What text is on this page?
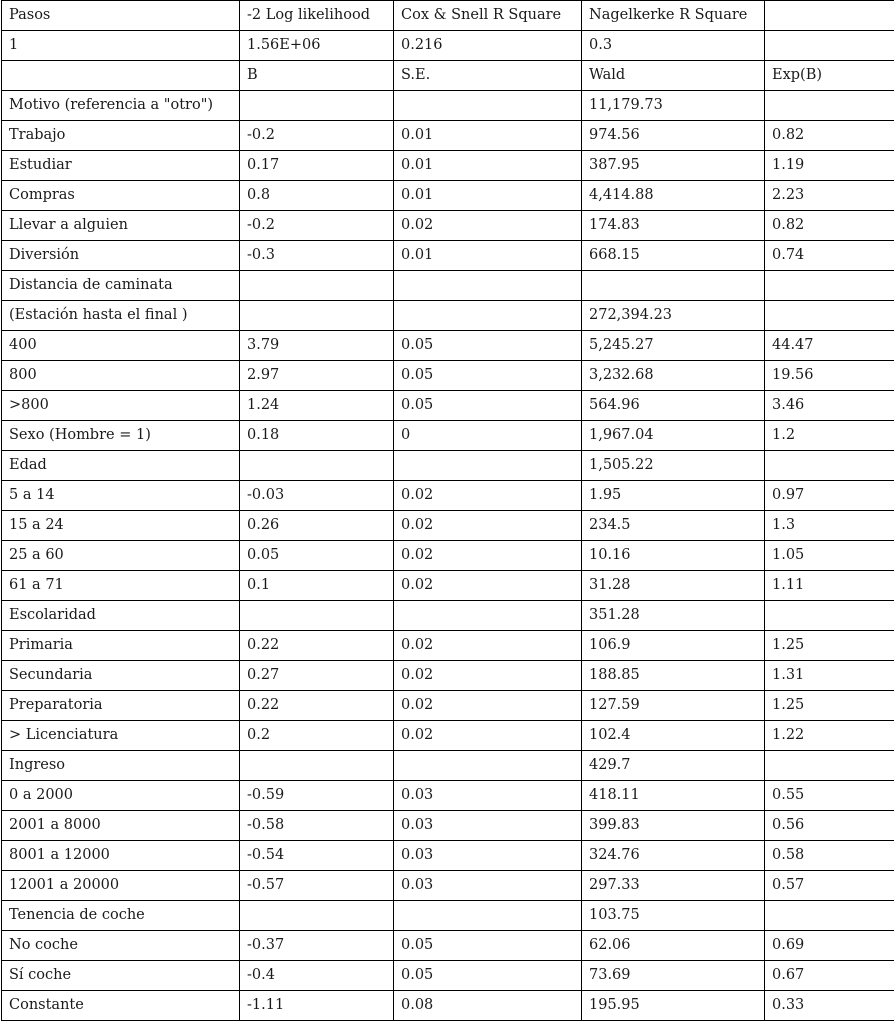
Pasos	-2 Log likelihood	Cox & Snell R Square	Nagelkerke R Square	
1	1.56E+06	0.216	0.3	
	B	S.E.	Wald	Exp(B)
Motivo (referencia a "otro")			11,179.73	
Trabajo	-0.2	0.01	974.56	0.82
Estudiar	0.17	0.01	387.95	1.19
Compras	0.8	0.01	4,414.88	2.23
Llevar a alguien	-0.2	0.02	174.83	0.82
Diversión	-0.3	0.01	668.15	0.74
Distancia de caminata				
(Estación hasta el final )			272,394.23	
400	3.79	0.05	5,245.27	44.47
800	2.97	0.05	3,232.68	19.56
>800	1.24	0.05	564.96	3.46
Sexo (Hombre = 1)	0.18	0	1,967.04	1.2
Edad			1,505.22	
5 a 14	-0.03	0.02	1.95	0.97
15 a 24	0.26	0.02	234.5	1.3
25 a 60	0.05	0.02	10.16	1.05
61 a 71	0.1	0.02	31.28	1.11
Escolaridad			351.28	
Primaria	0.22	0.02	106.9	1.25
Secundaria	0.27	0.02	188.85	1.31
Preparatoria	0.22	0.02	127.59	1.25
> Licenciatura	0.2	0.02	102.4	1.22
Ingreso			429.7	
0 a 2000	-0.59	0.03	418.11	0.55
2001 a 8000	-0.58	0.03	399.83	0.56
8001 a 12000	-0.54	0.03	324.76	0.58
12001 a 20000	-0.57	0.03	297.33	0.57
Tenencia de coche			103.75	
No coche	-0.37	0.05	62.06	0.69
Sí coche	-0.4	0.05	73.69	0.67
Constante	-1.11	0.08	195.95	0.33
